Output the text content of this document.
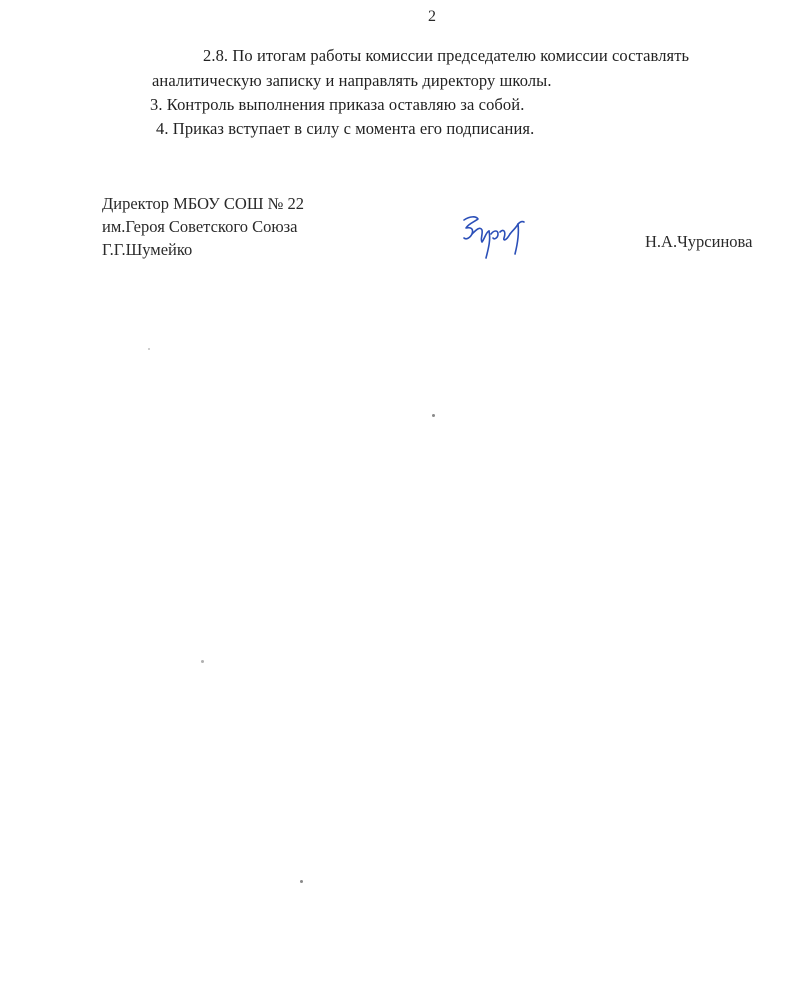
2
2.8. По итогам работы комиссии председателю комиссии составлять
аналитическую записку и направлять директору школы.
3. Контроль выполнения приказа оставляю за собой.
4. Приказ вступает в силу с момента его подписания.
Директор МБОУ СОШ № 22
им.Героя Советского Союза
Г.Г.Шумейко	Н.А.Чурсинова
